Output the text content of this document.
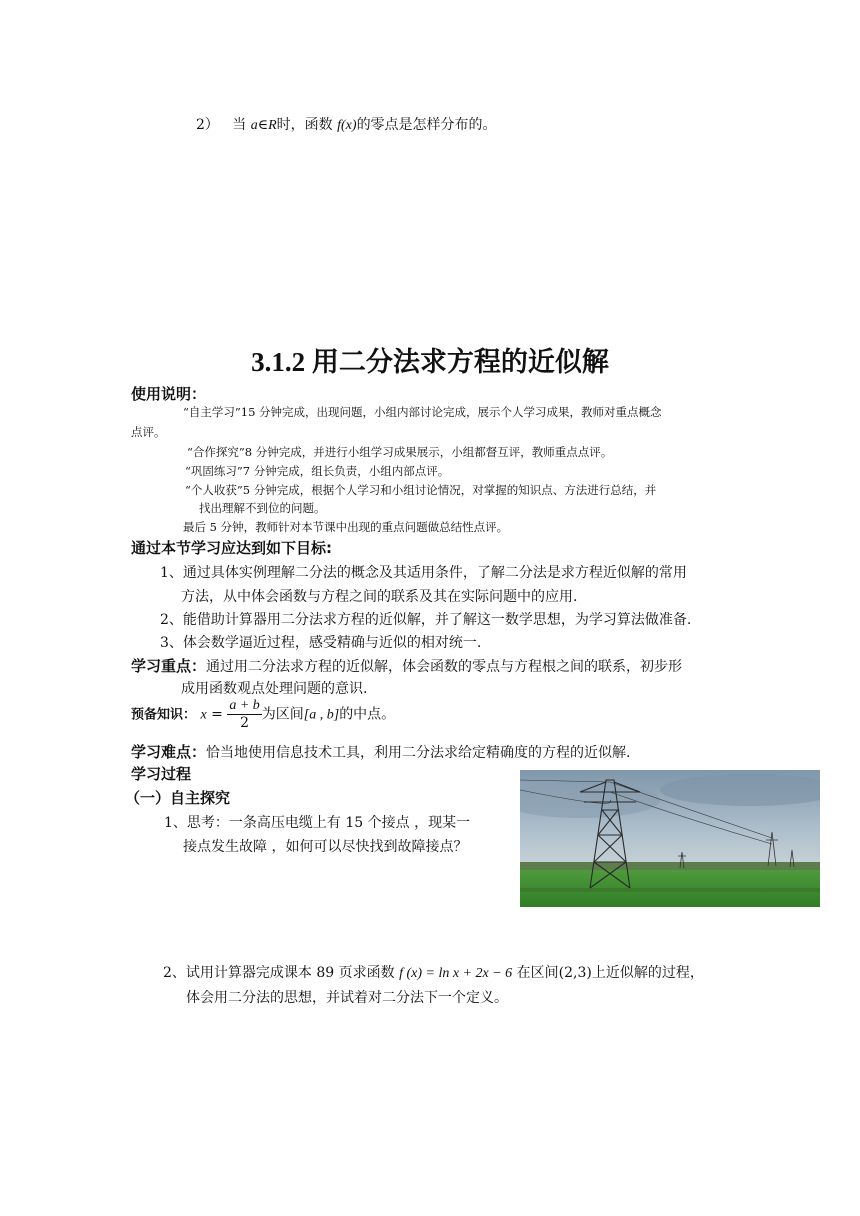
2） 当 a∈R时，函数 f(x)的零点是怎样分布的。
3.1.2 用二分法求方程的近似解
使用说明：
“自主学习”15 分钟完成，出现问题，小组内部讨论完成，展示个人学习成果，教师对重点概念
点评。
“合作探究”8 分钟完成，并进行小组学习成果展示，小组都督互评，教师重点点评。
“巩固练习”7 分钟完成，组长负责，小组内部点评。
“个人收获”5 分钟完成，根据个人学习和小组讨论情况，对掌握的知识点、方法进行总结，并
找出理解不到位的问题。
最后 5 分钟，教师针对本节课中出现的重点问题做总结性点评。
通过本节学习应达到如下目标:
1、通过具体实例理解二分法的概念及其适用条件，了解二分法是求方程近似解的常用
方法，从中体会函数与方程之间的联系及其在实际问题中的应用.
2、能借助计算器用二分法求方程的近似解，并了解这一数学思想，为学习算法做准备.
3、体会数学逼近过程，感受精确与近似的相对统一.
学习重点：通过用二分法求方程的近似解，体会函数的零点与方程根之间的联系，初步形
成用函数观点处理问题的意识.
预备知识： $x = \frac{a + b}{2}$ 为区间[a , b]的中点。
学习难点：恰当地使用信息技术工具，利用二分法求给定精确度的方程的近似解.
学习过程
（一）自主探究
1、思考：一条高压电缆上有 15 个接点 ，现某一
接点发生故障 ，如何可以尽快找到故障接点？
2、试用计算器完成课本 89 页求函数 f (x) = ln x + 2x − 6 在区间(2,3)上近似解的过程，
体会用二分法的思想，并试着对二分法下一个定义。
